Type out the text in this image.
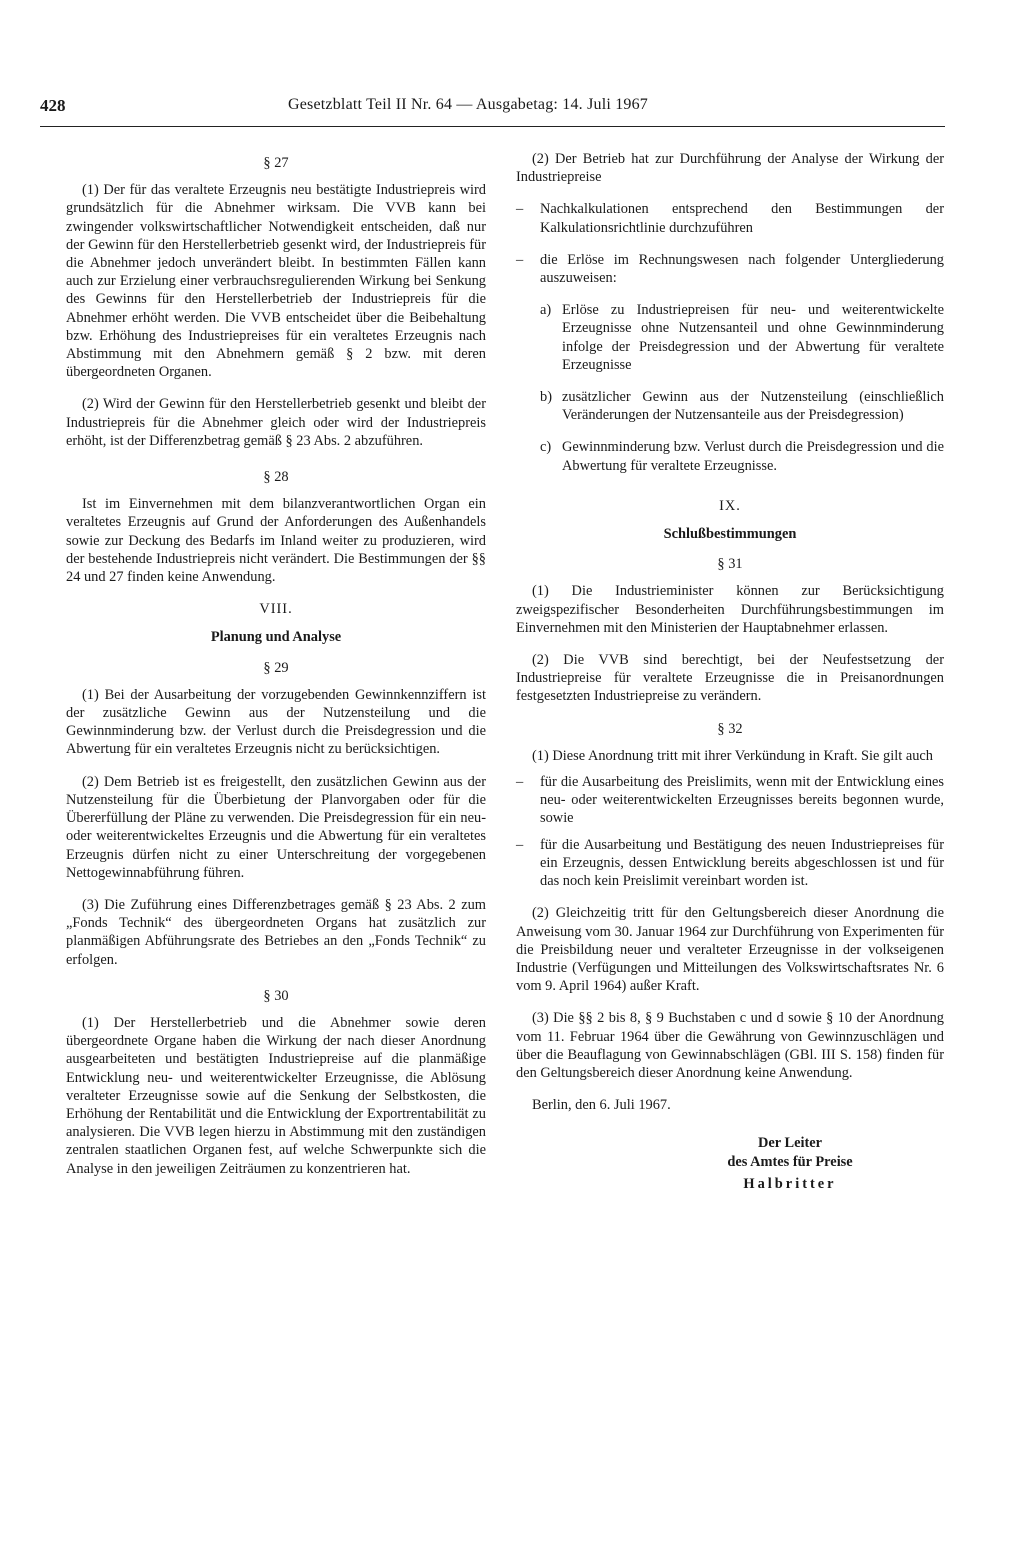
428	Gesetzblatt Teil II Nr. 64 — Ausgabetag: 14. Juli 1967

§ 27

(1) Der für das veraltete Erzeugnis neu bestätigte Industriepreis wird grundsätzlich für die Abnehmer wirksam. Die VVB kann bei zwingender volkswirtschaftlicher Notwendigkeit entscheiden, daß nur der Gewinn für den Herstellerbetrieb gesenkt wird, der Industriepreis für die Abnehmer jedoch unverändert bleibt. In bestimmten Fällen kann auch zur Erzielung einer verbrauchsregulierenden Wirkung bei Senkung des Gewinns für den Herstellerbetrieb der Industriepreis für die Abnehmer erhöht werden. Die VVB entscheidet über die Beibehaltung bzw. Erhöhung des Industriepreises für ein veraltetes Erzeugnis nach Abstimmung mit den Abnehmern gemäß § 2 bzw. mit deren übergeordneten Organen.

(2) Wird der Gewinn für den Herstellerbetrieb gesenkt und bleibt der Industriepreis für die Abnehmer gleich oder wird der Industriepreis erhöht, ist der Differenzbetrag gemäß § 23 Abs. 2 abzuführen.

§ 28

Ist im Einvernehmen mit dem bilanzverantwortlichen Organ ein veraltetes Erzeugnis auf Grund der Anforderungen des Außenhandels sowie zur Deckung des Bedarfs im Inland weiter zu produzieren, wird der bestehende Industriepreis nicht verändert. Die Bestimmungen der §§ 24 und 27 finden keine Anwendung.

VIII.

Planung und Analyse

§ 29

(1) Bei der Ausarbeitung der vorzugebenden Gewinnkennziffern ist der zusätzliche Gewinn aus der Nutzensteilung und die Gewinnminderung bzw. der Verlust durch die Preisdegression und die Abwertung für ein veraltetes Erzeugnis nicht zu berücksichtigen.

(2) Dem Betrieb ist es freigestellt, den zusätzlichen Gewinn aus der Nutzensteilung für die Überbietung der Planvorgaben oder für die Übererfüllung der Pläne zu verwenden. Die Preisdegression für ein neu- oder weiterentwickeltes Erzeugnis und die Abwertung für ein veraltetes Erzeugnis dürfen nicht zu einer Unterschreitung der vorgegebenen Nettogewinnabführung führen.

(3) Die Zuführung eines Differenzbetrages gemäß § 23 Abs. 2 zum „Fonds Technik“ des übergeordneten Organs hat zusätzlich zur planmäßigen Abführungsrate des Betriebes an den „Fonds Technik“ zu erfolgen.

§ 30

(1) Der Herstellerbetrieb und die Abnehmer sowie deren übergeordnete Organe haben die Wirkung der nach dieser Anordnung ausgearbeiteten und bestätigten Industriepreise auf die planmäßige Entwicklung neu- und weiterentwickelter Erzeugnisse, die Ablösung veralteter Erzeugnisse sowie auf die Senkung der Selbstkosten, die Erhöhung der Rentabilität und die Entwicklung der Exportrentabilität zu analysieren. Die VVB legen hierzu in Abstimmung mit den zuständigen zentralen staatlichen Organen fest, auf welche Schwerpunkte sich die Analyse in den jeweiligen Zeiträumen zu konzentrieren hat.

(2) Der Betrieb hat zur Durchführung der Analyse der Wirkung der Industriepreise

– Nachkalkulationen entsprechend den Bestimmungen der Kalkulationsrichtlinie durchzuführen
– die Erlöse im Rechnungswesen nach folgender Untergliederung auszuweisen:
a) Erlöse zu Industriepreisen für neu- und weiterentwickelte Erzeugnisse ohne Nutzensanteil und ohne Gewinnminderung infolge der Preisdegression und der Abwertung für veraltete Erzeugnisse
b) zusätzlicher Gewinn aus der Nutzensteilung (einschließlich Veränderungen der Nutzensanteile aus der Preisdegression)
c) Gewinnminderung bzw. Verlust durch die Preisdegression und die Abwertung für veraltete Erzeugnisse.

IX.

Schlußbestimmungen

§ 31

(1) Die Industrieminister können zur Berücksichtigung zweigspezifischer Besonderheiten Durchführungsbestimmungen im Einvernehmen mit den Ministerien der Hauptabnehmer erlassen.

(2) Die VVB sind berechtigt, bei der Neufestsetzung der Industriepreise für veraltete Erzeugnisse die in Preisanordnungen festgesetzten Industriepreise zu verändern.

§ 32

(1) Diese Anordnung tritt mit ihrer Verkündung in Kraft. Sie gilt auch

– für die Ausarbeitung des Preislimits, wenn mit der Entwicklung eines neu- oder weiterentwickelten Erzeugnisses bereits begonnen wurde, sowie
– für die Ausarbeitung und Bestätigung des neuen Industriepreises für ein Erzeugnis, dessen Entwicklung bereits abgeschlossen ist und für das noch kein Preislimit vereinbart worden ist.

(2) Gleichzeitig tritt für den Geltungsbereich dieser Anordnung die Anweisung vom 30. Januar 1964 zur Durchführung von Experimenten für die Preisbildung neuer und veralteter Erzeugnisse in der volkseigenen Industrie (Verfügungen und Mitteilungen des Volkswirtschaftsrates Nr. 6 vom 9. April 1964) außer Kraft.

(3) Die §§ 2 bis 8, § 9 Buchstaben c und d sowie § 10 der Anordnung vom 11. Februar 1964 über die Gewährung von Gewinnzuschlägen und über die Beauflagung von Gewinnabschlägen (GBl. III S. 158) finden für den Geltungsbereich dieser Anordnung keine Anwendung.

Berlin, den 6. Juli 1967.

Der Leiter
des Amtes für Preise
Halbritter
